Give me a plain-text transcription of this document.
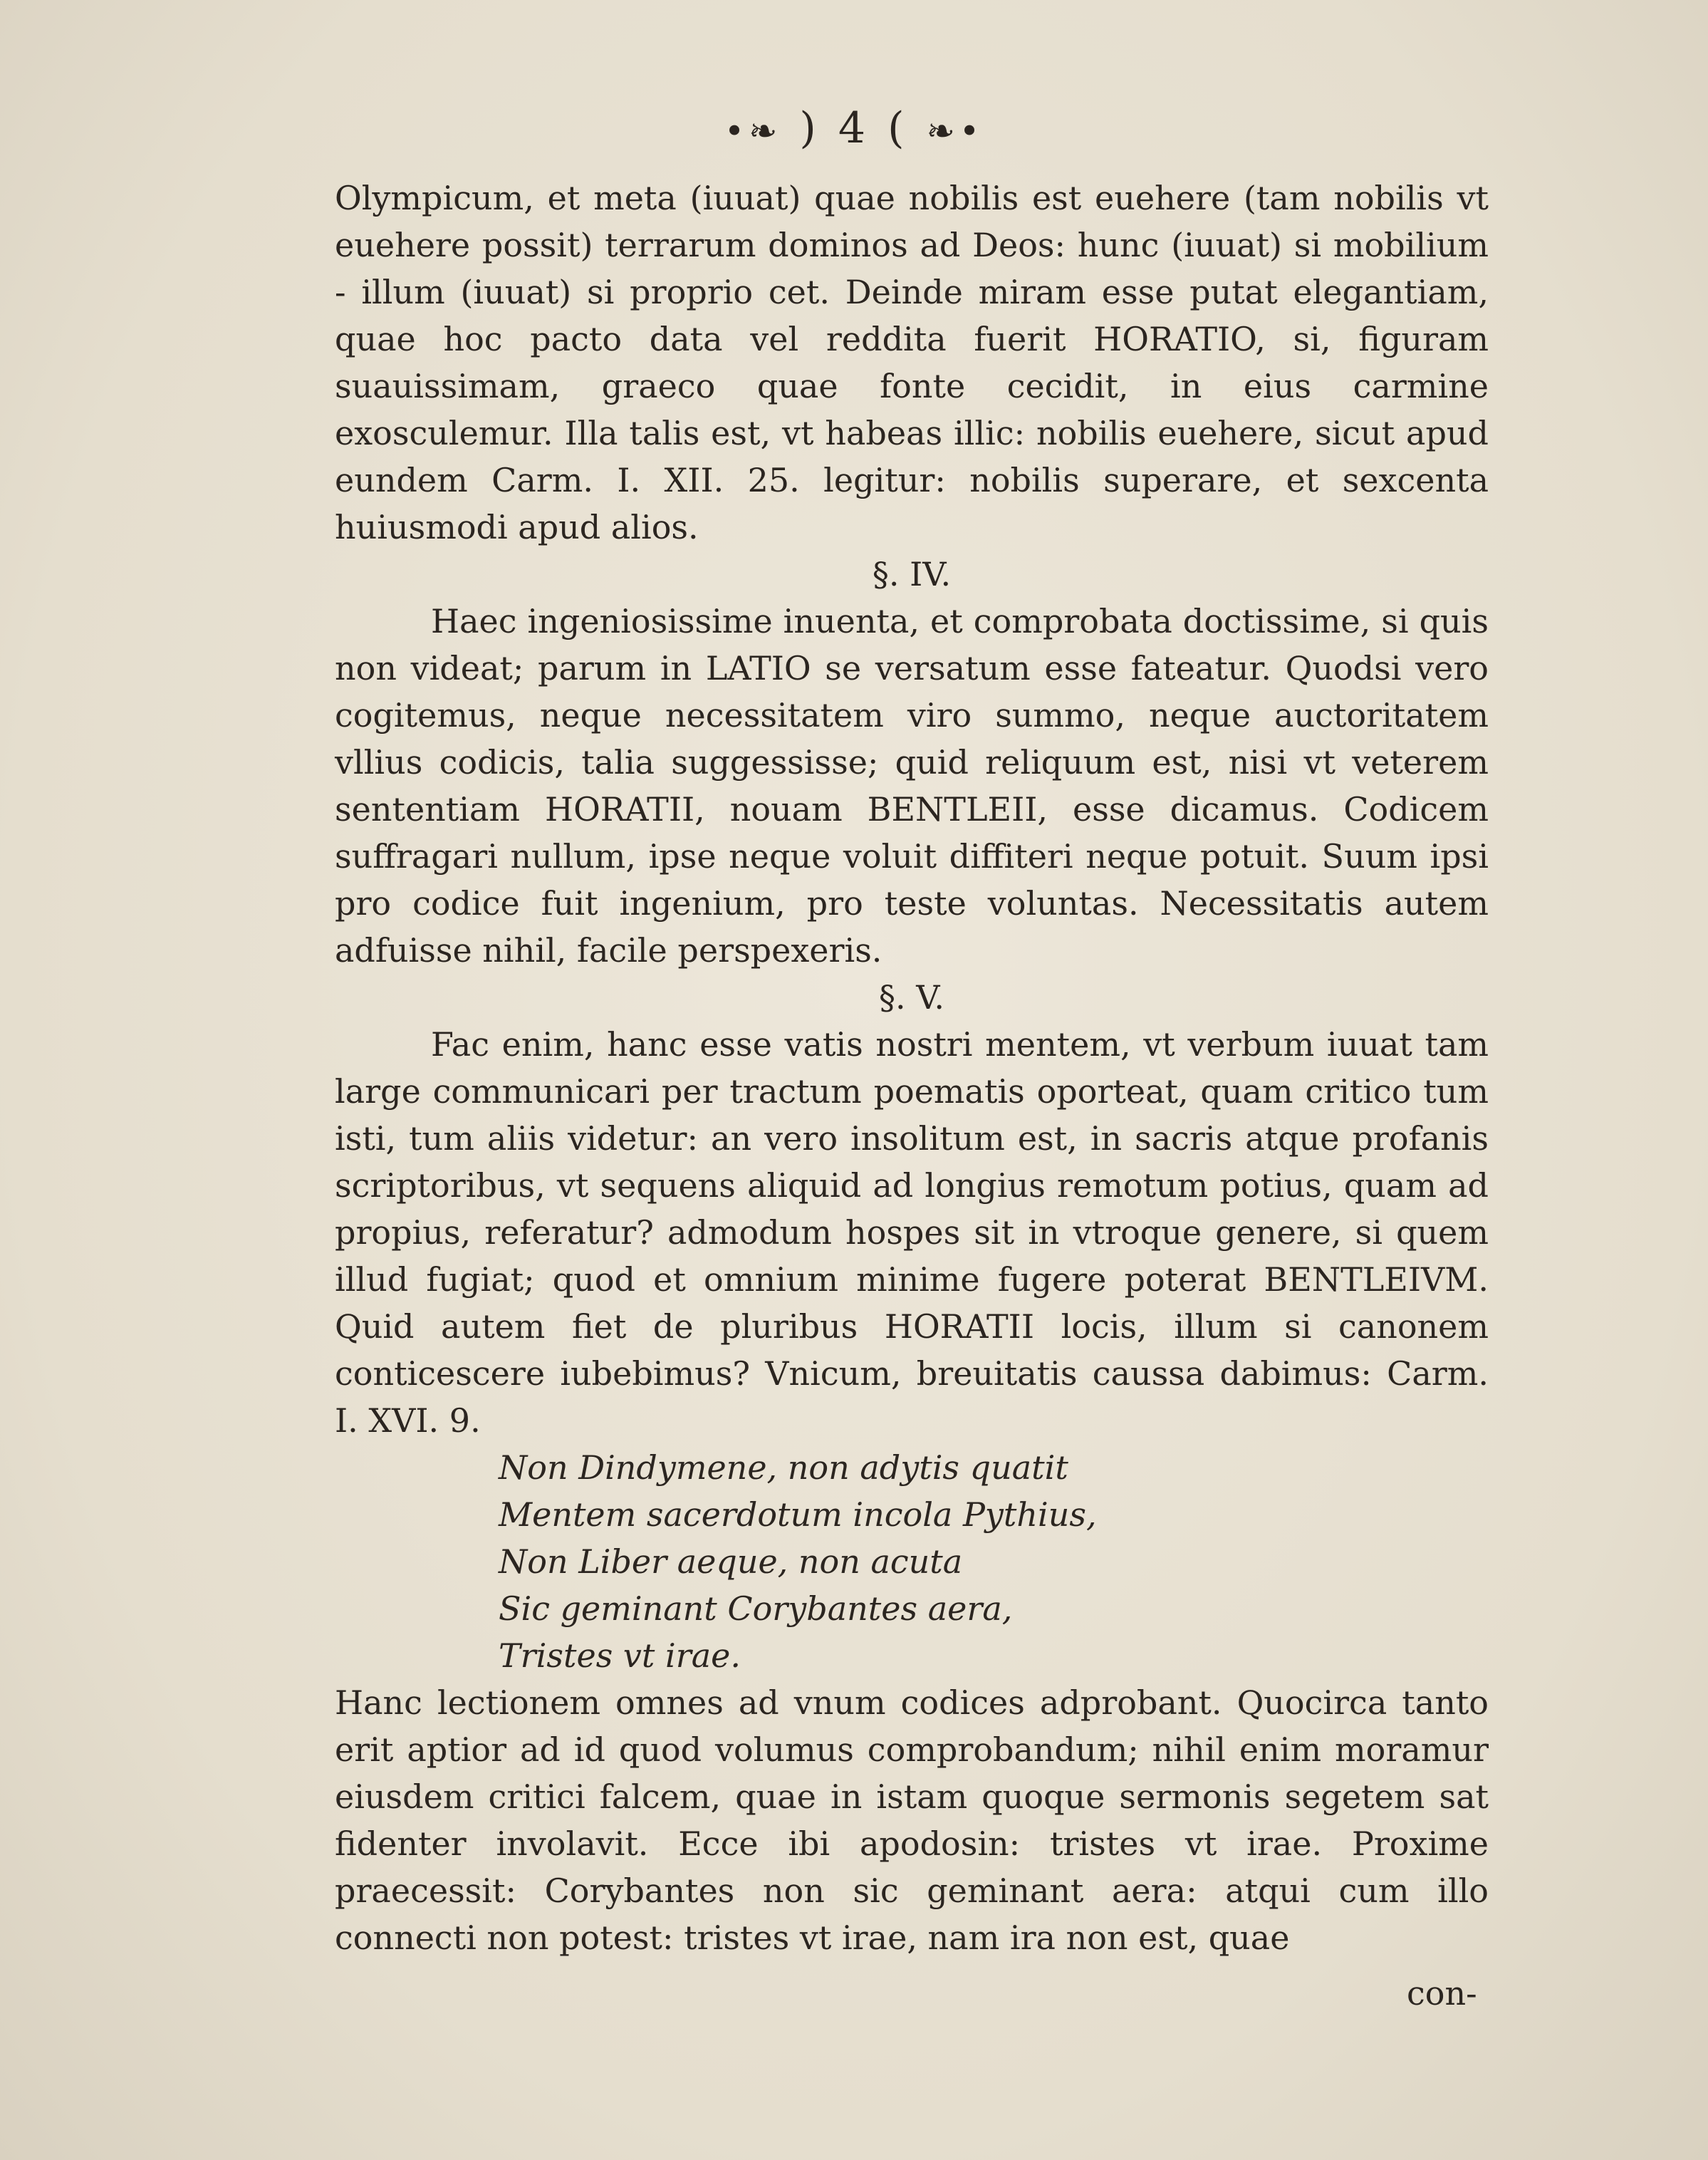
•❧ ) 4 ( ❧•

Olympicum, et meta (iuuat) quae nobilis est euehere (tam nobilis vt euehere possit) terrarum dominos ad Deos: hunc (iuuat) si mobilium - illum (iuuat) si proprio cet. Deinde miram esse putat elegantiam, quae hoc pacto data vel reddita fuerit HORATIO, si, figuram suauissimam, graeco quae fonte cecidit, in eius carmine exosculemur. Illa talis est, vt habeas illic: nobilis euehere, sicut apud eundem Carm. I. XII. 25. legitur: nobilis superare, et sexcenta huiusmodi apud alios.

§. IV.

Haec ingeniosissime inuenta, et comprobata doctissime, si quis non videat; parum in LATIO se versatum esse fateatur. Quodsi vero cogitemus, neque necessitatem viro summo, neque auctoritatem vllius codicis, talia suggessisse; quid reliquum est, nisi vt veterem sententiam HORATII, nouam BENTLEII, esse dicamus. Codicem suffragari nullum, ipse neque voluit diffiteri neque potuit. Suum ipsi pro codice fuit ingenium, pro teste voluntas. Necessitatis autem adfuisse nihil, facile perspexeris.

§. V.

Fac enim, hanc esse vatis nostri mentem, vt verbum iuuat tam large communicari per tractum poematis oporteat, quam critico tum isti, tum aliis videtur: an vero insolitum est, in sacris atque profanis scriptoribus, vt sequens aliquid ad longius remotum potius, quam ad propius, referatur? admodum hospes sit in vtroque genere, si quem illud fugiat; quod et omnium minime fugere poterat BENTLEIVM. Quid autem fiet de pluribus HORATII locis, illum si canonem conticescere iubebimus? Vnicum, breuitatis caussa dabimus: Carm. I. XVI. 9.

Non Dindymene, non adytis quatit
Mentem sacerdotum incola Pythius,
Non Liber aeque, non acuta
Sic geminant Corybantes aera,
Tristes vt irae.

Hanc lectionem omnes ad vnum codices adprobant. Quocirca tanto erit aptior ad id quod volumus comprobandum; nihil enim moramur eiusdem critici falcem, quae in istam quoque sermonis segetem sat fidenter involavit. Ecce ibi apodosin: tristes vt irae. Proxime praecessit: Corybantes non sic geminant aera: atqui cum illo connecti non potest: tristes vt irae, nam ira non est, quae

con-
